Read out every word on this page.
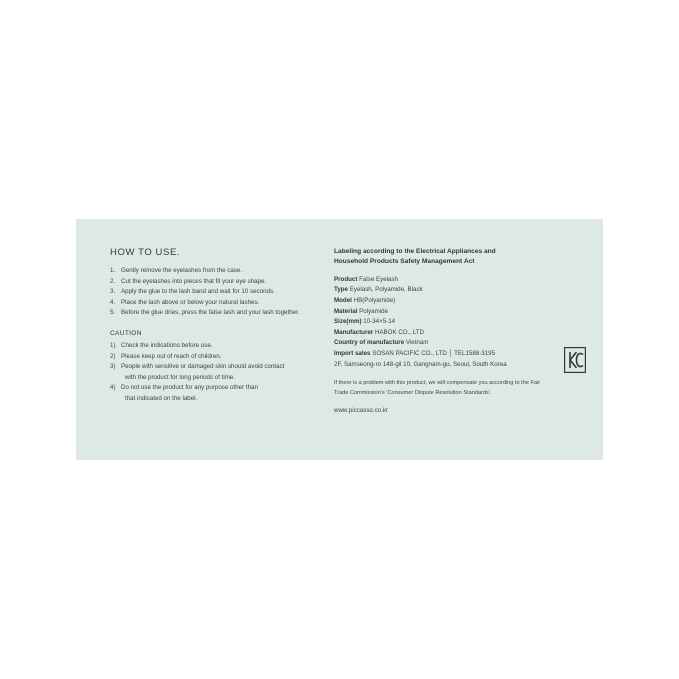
HOW TO USE.
1. Gently remove the eyelashes from the case.
2. Cut the eyelashes into pieces that fit your eye shape.
3. Apply the glue to the lash band and wait for 10 seconds.
4. Place the lash above or below your natural lashes.
5. Before the glue dries, press the false lash and your lash together.
CAUTION
1) Check the indications before use.
2) Please keep out of reach of children.
3) People with sensitive or damaged skin should avoid contact
with the product for long periods of time.
4) Do not use the product for any purpose other than
that indicated on the label.
Labeling according to the Electrical Appliances and
Household Products Safety Management Act
Product False Eyelash
Type Eyelash, Polyamide, Black
Model HB(Polyamide)
Material Polyamide
Size(mm) 10-34×5-14
Manufacturer HABOK CO., LTD
Country of manufacture Vietnam
Import sales SOSAN PACIFIC CO., LTD │ TEL1588-3195
2F, Samseong-ro 148-gil 10, Gangnam-gu, Seoul, South Korea
If there is a problem with this product, we will compensate you according to the Fair Trade Commission’s ‘Consumer Dispute Resolution Standards’.
www.piccasso.co.kr
